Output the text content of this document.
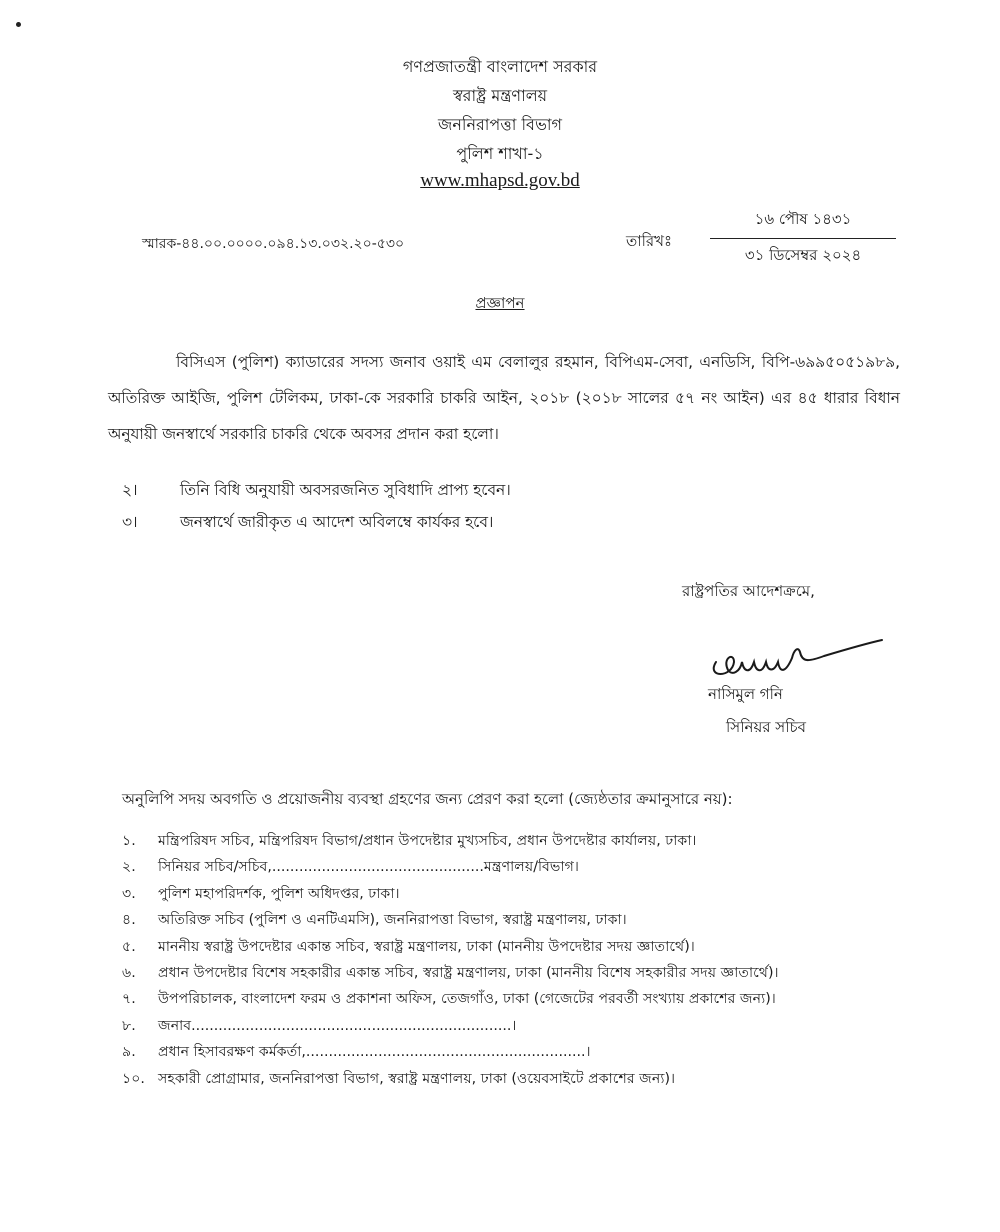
গণপ্রজাতন্ত্রী বাংলাদেশ সরকার
স্বরাষ্ট্র মন্ত্রণালয়
জননিরাপত্তা বিভাগ
পুলিশ শাখা-১
www.mhapsd.gov.bd
স্মারক-৪৪.০০.০০০০.০৯৪.১৩.০৩২.২০-৫৩০	তারিখঃ
১৬ পৌষ ১৪৩১
৩১ ডিসেম্বর ২০২৪
প্রজ্ঞাপন

বিসিএস (পুলিশ) ক্যাডারের সদস্য জনাব ওয়াই এম বেলালুর রহমান, বিপিএম-সেবা, এনডিসি, বিপি-৬৯৯৫০৫১৯৮৯, অতিরিক্ত আইজি, পুলিশ টেলিকম, ঢাকা-কে সরকারি চাকরি আইন, ২০১৮ (২০১৮ সালের ৫৭ নং আইন) এর ৪৫ ধারার বিধান অনুযায়ী জনস্বার্থে সরকারি চাকরি থেকে অবসর প্রদান করা হলো।

২।	তিনি বিধি অনুযায়ী অবসরজনিত সুবিধাদি প্রাপ্য হবেন।
৩।	জনস্বার্থে জারীকৃত এ আদেশ অবিলম্বে কার্যকর হবে।
রাষ্ট্রপতির আদেশক্রমে,
নাসিমুল গনি
সিনিয়র সচিব
অনুলিপি সদয় অবগতি ও প্রয়োজনীয় ব্যবস্থা গ্রহণের জন্য প্রেরণ করা হলো (জ্যেষ্ঠতার ক্রমানুসারে নয়):
১. মন্ত্রিপরিষদ সচিব, মন্ত্রিপরিষদ বিভাগ/প্রধান উপদেষ্টার মুখ্যসচিব, প্রধান উপদেষ্টার কার্যালয়, ঢাকা।
২. সিনিয়র সচিব/সচিব,...............................................মন্ত্রণালয়/বিভাগ।
৩. পুলিশ মহাপরিদর্শক, পুলিশ অধিদপ্তর, ঢাকা।
৪. অতিরিক্ত সচিব (পুলিশ ও এনটিএমসি), জননিরাপত্তা বিভাগ, স্বরাষ্ট্র মন্ত্রণালয়, ঢাকা।
৫. মাননীয় স্বরাষ্ট্র উপদেষ্টার একান্ত সচিব, স্বরাষ্ট্র মন্ত্রণালয়, ঢাকা (মাননীয় উপদেষ্টার সদয় জ্ঞাতার্থে)।
৬. প্রধান উপদেষ্টার বিশেষ সহকারীর একান্ত সচিব, স্বরাষ্ট্র মন্ত্রণালয়, ঢাকা (মাননীয় বিশেষ সহকারীর সদয় জ্ঞাতার্থে)।
৭. উপপরিচালক, বাংলাদেশ ফরম ও প্রকাশনা অফিস, তেজগাঁও, ঢাকা (গেজেটের পরবর্তী সংখ্যায় প্রকাশের জন্য)।
৮. জনাব.......................................................................।
৯. প্রধান হিসাবরক্ষণ কর্মকর্তা,..............................................................।
১০. সহকারী প্রোগ্রামার, জননিরাপত্তা বিভাগ, স্বরাষ্ট্র মন্ত্রণালয়, ঢাকা (ওয়েবসাইটে প্রকাশের জন্য)।
